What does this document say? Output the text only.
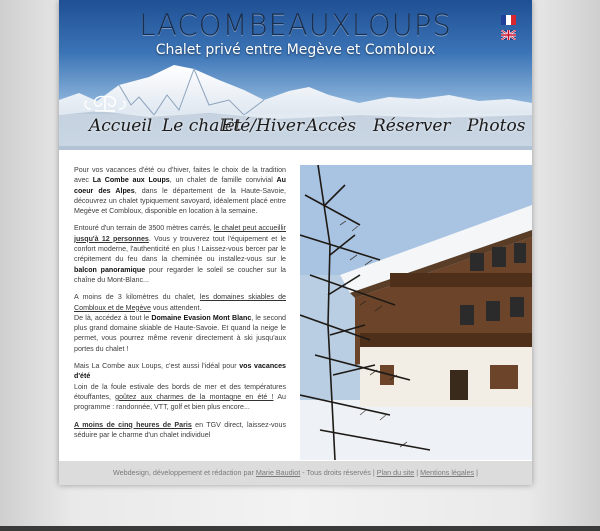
LACOMBEAUXLOUPS
Chalet privé entre Megève et Combloux
Accueil Le chalet
Eté/Hiver Accès Réserver Photos

Pour vos vacances d'été ou d'hiver, faites le choix de la tradition avec La Combe aux Loups, un chalet de famille convivial Au coeur des Alpes, dans le département de la Haute-Savoie, découvrez un chalet typiquement savoyard, idéalement placé entre Megève et Combloux, disponible en location à la semaine.

Entouré d'un terrain de 3500 mètres carrés, le chalet peut accueillir jusqu'à 12 personnes. Vous y trouverez tout l'équipement et le confort moderne, l'authenticité en plus ! Laissez-vous bercer par le crépitement du feu dans la cheminée ou installez-vous sur le balcon panoramique pour regarder le soleil se coucher sur la chaîne du Mont-Blanc...

A moins de 3 kilomètres du chalet, les domaines skiables de Combloux et de Megève vous attendent.
De là, accédez à tout le Domaine Evasion Mont Blanc, le second plus grand domaine skiable de Haute-Savoie. Et quand la neige le permet, vous pourrez même revenir directement à ski jusqu'aux portes du chalet !

Mais La Combe aux Loups, c'est aussi l'idéal pour vos vacances d'été
Loin de la foule estivale des bords de mer et des températures étouffantes, goûtez aux charmes de la montagne en été ! Au programme : randonnée, VTT, golf et bien plus encore...

A moins de cinq heures de Paris en TGV direct, laissez-vous séduire par le charme d'un chalet individuel

Webdesign, développement et rédaction par Marie Baudiot - Tous droits réservés | Plan du site | Mentions légales |
